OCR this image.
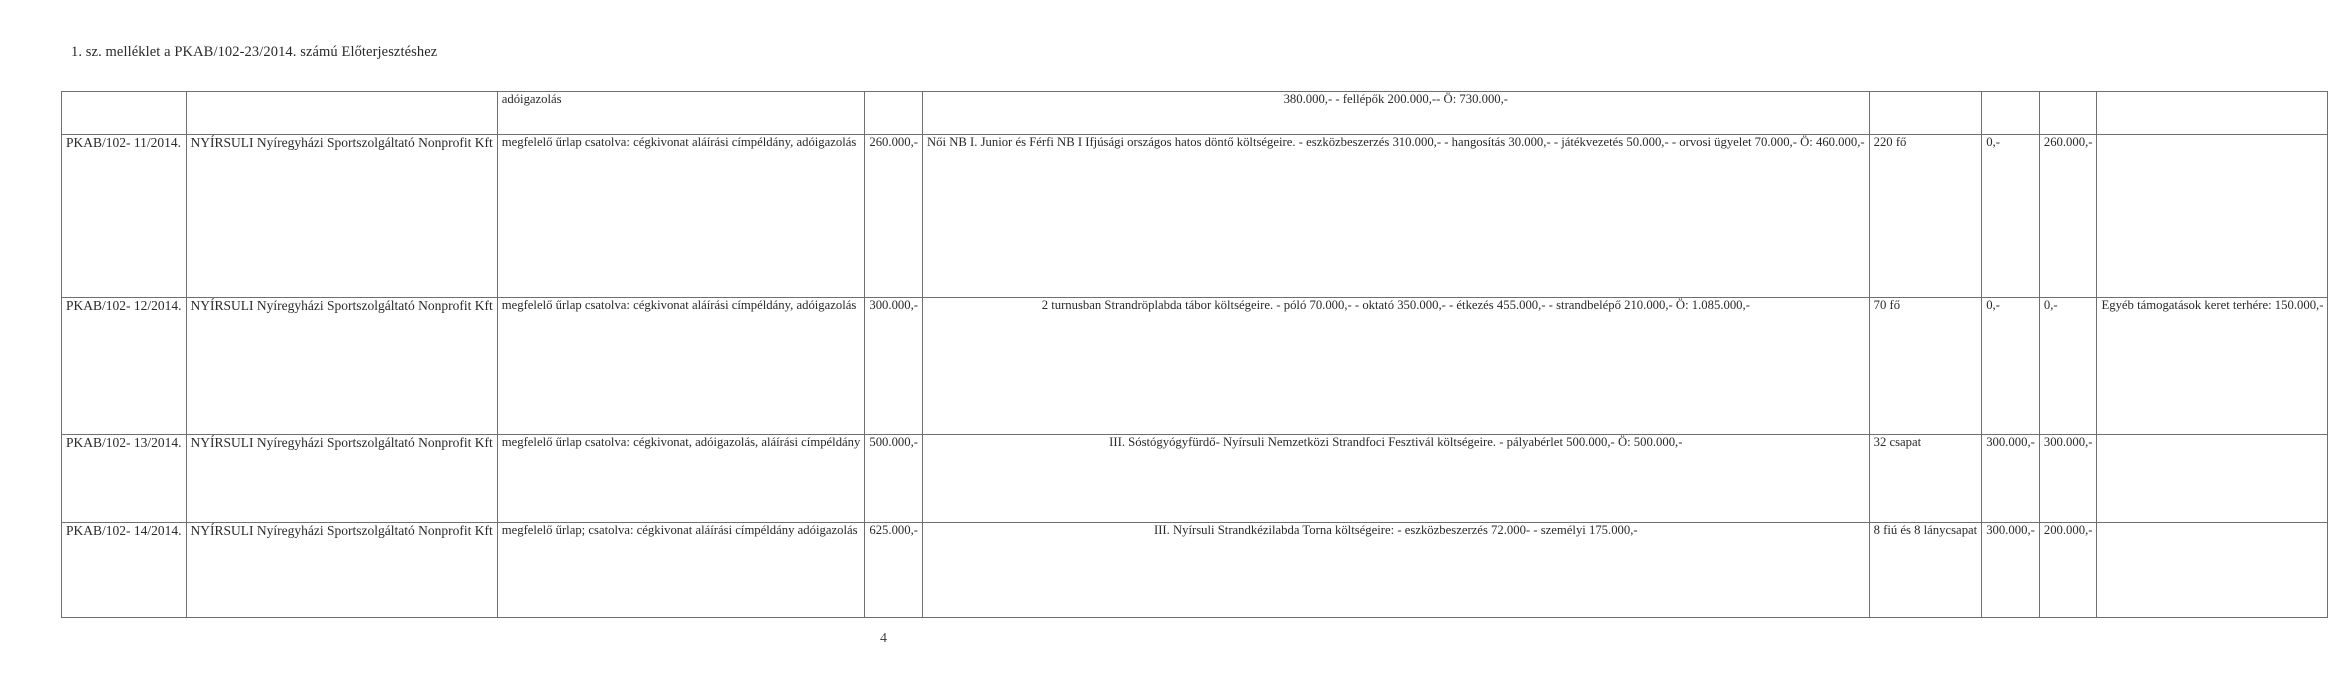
1. sz. melléklet a PKAB/102-23/2014. számú Előterjesztéshez
		adóigazolás		380.000,- - fellépők 200.000,-- Ö: 730.000,-				

PKAB/102- 11/2014.	NYÍRSULI Nyíregyházi Sportszolgáltató Nonprofit Kft	megfelelő űrlap csatolva: cégkivonat aláírási címpéldány, adóigazolás	260.000,-	Női NB I. Junior és Férfi NB I Ifjúsági országos hatos döntő költségeire. - eszközbeszerzés 310.000,- - hangosítás 30.000,- - játékvezetés 50.000,- - orvosi ügyelet 70.000,- Ö: 460.000,-	220 fő	0,-	260.000,-	
PKAB/102- 12/2014.	NYÍRSULI Nyíregyházi Sportszolgáltató Nonprofit Kft	megfelelő űrlap csatolva: cégkivonat aláírási címpéldány, adóigazolás	300.000,-	2 turnusban Strandröplabda tábor költségeire. - póló 70.000,- - oktató 350.000,- - étkezés 455.000,- - strandbelépő 210.000,- Ö: 1.085.000,-	70 fő	0,-	0,-	Egyéb támogatások keret terhére: 150.000,-
PKAB/102- 13/2014.	NYÍRSULI Nyíregyházi Sportszolgáltató Nonprofit Kft	megfelelő űrlap csatolva: cégkivonat, adóigazolás, aláírási címpéldány	500.000,-	III. Sóstógyógyfürdő- Nyírsuli Nemzetközi Strandfoci Fesztivál költségeire. - pályabérlet 500.000,- Ö: 500.000,-	32 csapat	300.000,-	300.000,-	
PKAB/102- 14/2014.	NYÍRSULI Nyíregyházi Sportszolgáltató Nonprofit Kft	megfelelő űrlap; csatolva: cégkivonat aláírási címpéldány adóigazolás	625.000,-	III. Nyírsuli Strandkézilabda Torna költségeire: - eszközbeszerzés 72.000- - személyi 175.000,-	8 fiú és 8 lánycsapat	300.000,-	200.000,-	
4
